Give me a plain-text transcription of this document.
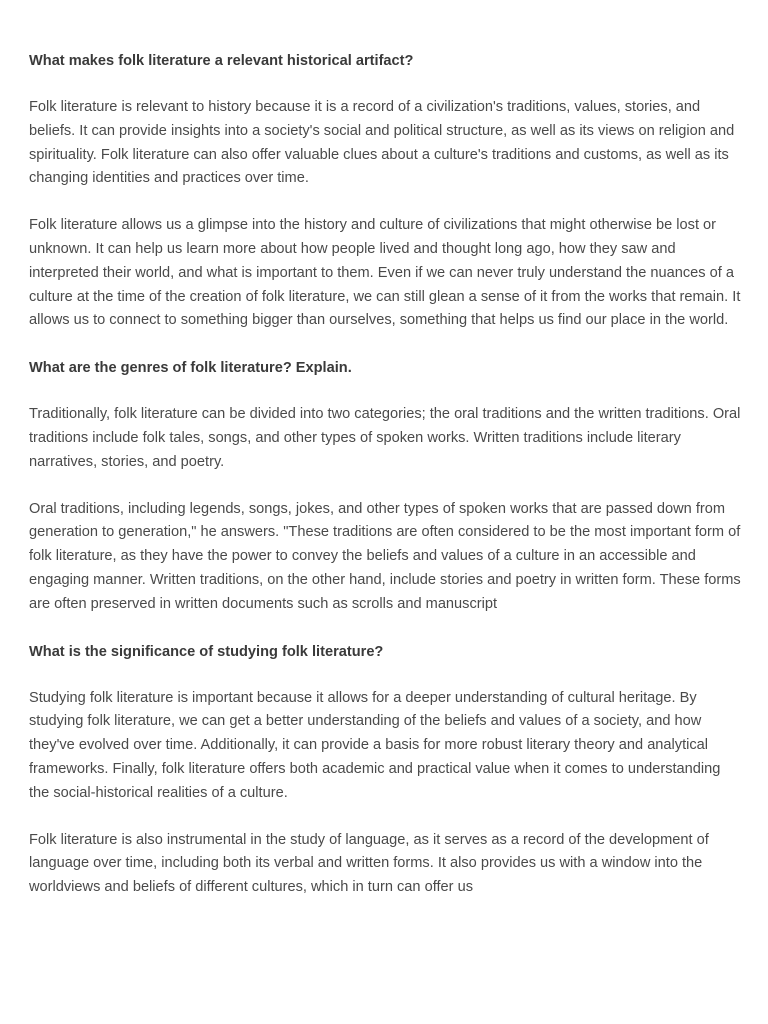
What makes folk literature a relevant historical artifact?
Folk literature is relevant to history because it is a record of a civilization's traditions, values, stories, and beliefs. It can provide insights into a society's social and political structure, as well as its views on religion and spirituality. Folk literature can also offer valuable clues about a culture's traditions and customs, as well as its changing identities and practices over time.
Folk literature allows us a glimpse into the history and culture of civilizations that might otherwise be lost or unknown. It can help us learn more about how people lived and thought long ago, how they saw and interpreted their world, and what is important to them. Even if we can never truly understand the nuances of a culture at the time of the creation of folk literature, we can still glean a sense of it from the works that remain. It allows us to connect to something bigger than ourselves, something that helps us find our place in the world.
What are the genres of folk literature? Explain.
Traditionally, folk literature can be divided into two categories; the oral traditions and the written traditions. Oral traditions include folk tales, songs, and other types of spoken works. Written traditions include literary narratives, stories, and poetry.
Oral traditions, including legends, songs, jokes, and other types of spoken works that are passed down from generation to generation," he answers. "These traditions are often considered to be the most important form of folk literature, as they have the power to convey the beliefs and values of a culture in an accessible and engaging manner. Written traditions, on the other hand, include stories and poetry in written form. These forms are often preserved in written documents such as scrolls and manuscript
What is the significance of studying folk literature?
Studying folk literature is important because it allows for a deeper understanding of cultural heritage. By studying folk literature, we can get a better understanding of the beliefs and values of a society, and how they've evolved over time. Additionally, it can provide a basis for more robust literary theory and analytical frameworks. Finally, folk literature offers both academic and practical value when it comes to understanding the social-historical realities of a culture.
Folk literature is also instrumental in the study of language, as it serves as a record of the development of language over time, including both its verbal and written forms. It also provides us with a window into the worldviews and beliefs of different cultures, which in turn can offer us
